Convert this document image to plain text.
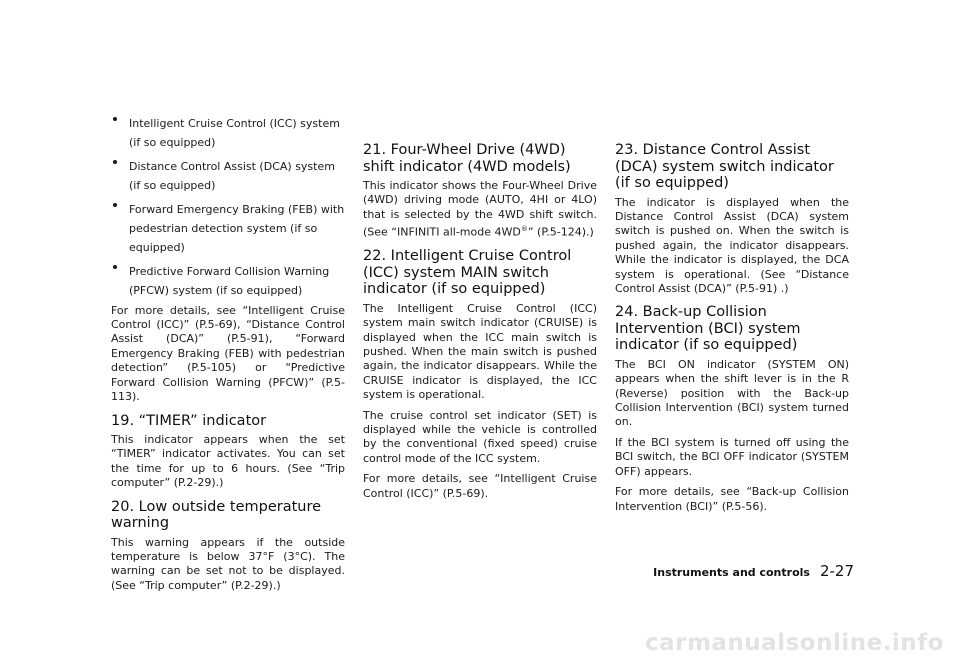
Intelligent Cruise Control (ICC) system (if so equipped)
Distance Control Assist (DCA) system (if so equipped)
Forward Emergency Braking (FEB) with pedestrian detection system (if so equipped)
Predictive Forward Collision Warning (PFCW) system (if so equipped)

For more details, see “Intelligent Cruise Control (ICC)” (P.5-69), “Distance Control Assist (DCA)” (P.5-91), “Forward Emergency Braking (FEB) with pedestrian detection” (P.5-105) or “Predictive Forward Collision Warning (PFCW)” (P.5-113).

19. “TIMER” indicator

This indicator appears when the set “TIMER” indicator activates. You can set the time for up to 6 hours. (See “Trip computer” (P.2-29).)

20. Low outside temperature warning

This warning appears if the outside temperature is below 37°F (3°C). The warning can be set not to be displayed. (See “Trip computer” (P.2-29).)

21. Four-Wheel Drive (4WD) shift indicator (4WD models)

This indicator shows the Four-Wheel Drive (4WD) driving mode (AUTO, 4HI or 4LO) that is selected by the 4WD shift switch. (See “INFINITI all-mode 4WD®” (P.5-124).)

22. Intelligent Cruise Control (ICC) system MAIN switch indicator (if so equipped)

The Intelligent Cruise Control (ICC) system main switch indicator (CRUISE) is displayed when the ICC main switch is pushed. When the main switch is pushed again, the indicator disappears. While the CRUISE indicator is displayed, the ICC system is operational.

The cruise control set indicator (SET) is displayed while the vehicle is controlled by the conventional (fixed speed) cruise control mode of the ICC system.

For more details, see “Intelligent Cruise Control (ICC)” (P.5-69).

23. Distance Control Assist (DCA) system switch indicator (if so equipped)

The indicator is displayed when the Distance Control Assist (DCA) system switch is pushed on. When the switch is pushed again, the indicator disappears. While the indicator is displayed, the DCA system is operational. (See “Distance Control Assist (DCA)” (P.5-91) .)

24. Back-up Collision Intervention (BCI) system indicator (if so equipped)

The BCI ON indicator (SYSTEM ON) appears when the shift lever is in the R (Reverse) position with the Back-up Collision Intervention (BCI) system turned on.

If the BCI system is turned off using the BCI switch, the BCI OFF indicator (SYSTEM OFF) appears.

For more details, see “Back-up Collision Intervention (BCI)” (P.5-56).

Instruments and controls 2-27
carmanualsonline.info
